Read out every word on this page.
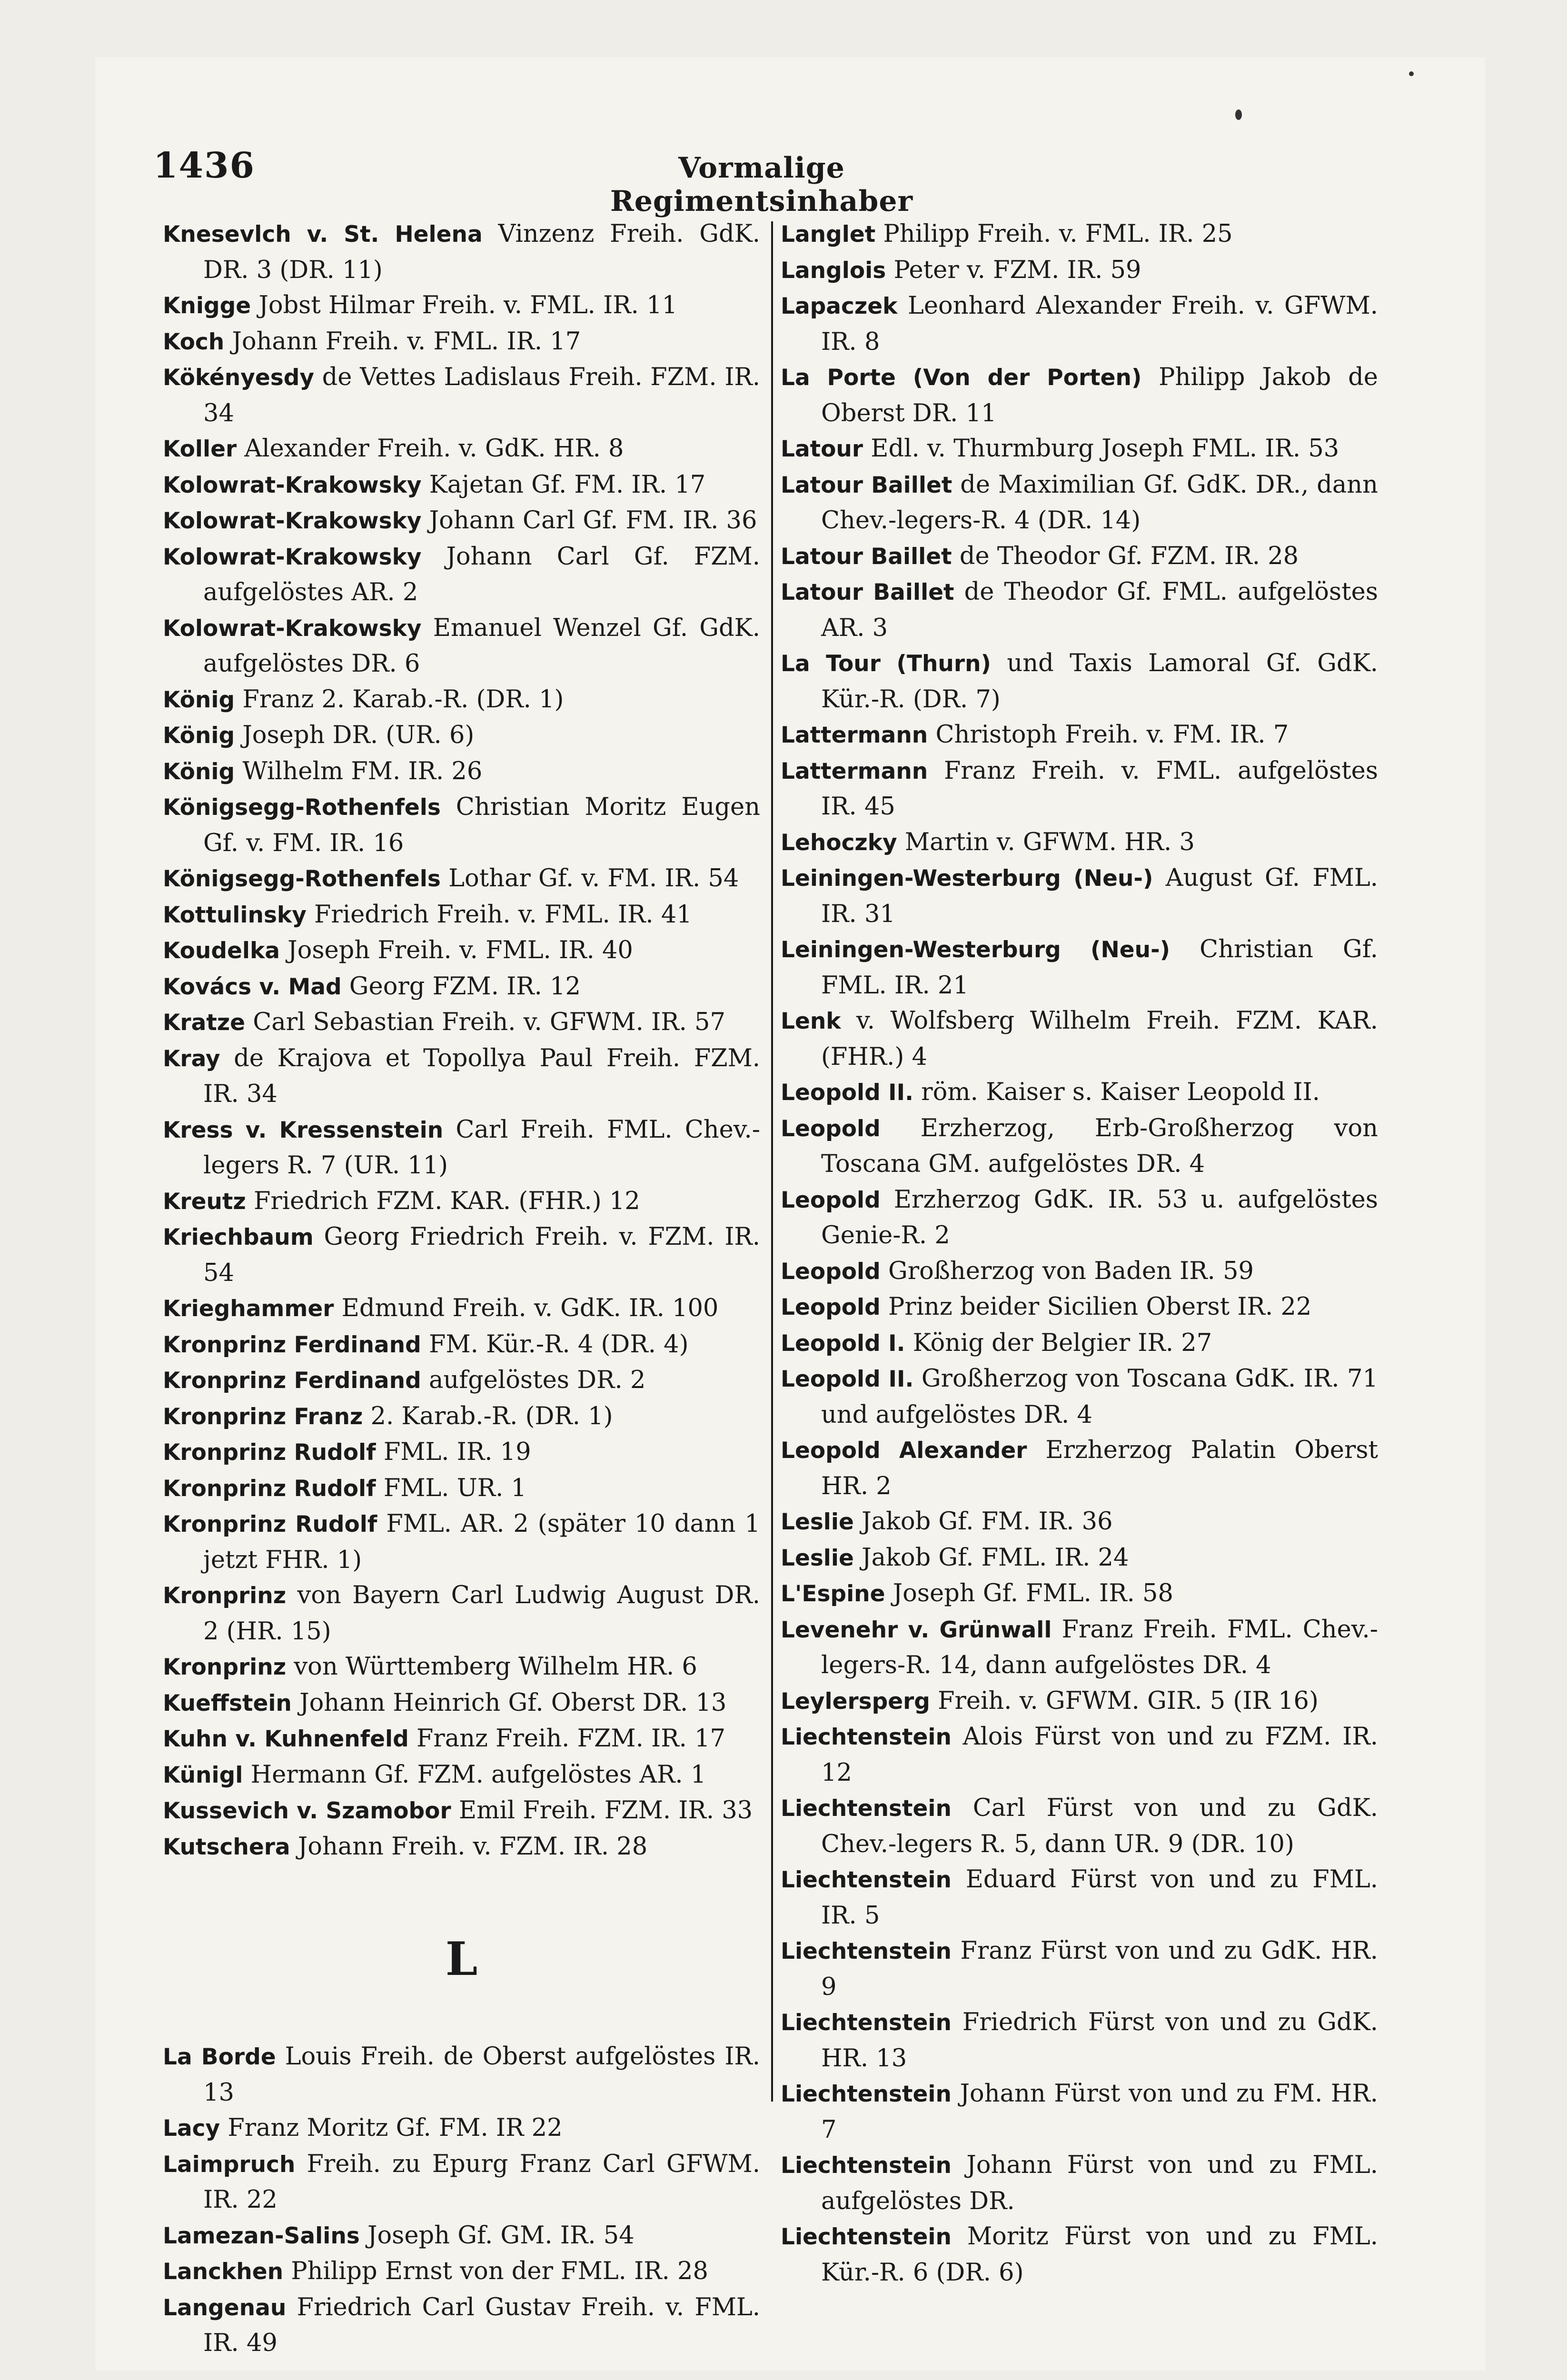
1436	Vormalige Regimentsinhaber
Knesevlch v. St. Helena Vinzenz Freih. GdK. DR. 3 (DR. 11)
Knigge Jobst Hilmar Freih. v. FML. IR. 11
Koch Johann Freih. v. FML. IR. 17
Kökényesdy de Vettes Ladislaus Freih. FZM. IR. 34
Koller Alexander Freih. v. GdK. HR. 8
Kolowrat-Krakowsky Kajetan Gf. FM. IR. 17
Kolowrat-Krakowsky Johann Carl Gf. FM. IR. 36
Kolowrat-Krakowsky Johann Carl Gf. FZM. aufgelöstes AR. 2
Kolowrat-Krakowsky Emanuel Wenzel Gf. GdK. aufgelöstes DR. 6
König Franz 2. Karab.-R. (DR. 1)
König Joseph DR. (UR. 6)
König Wilhelm FM. IR. 26
Königsegg-Rothenfels Christian Moritz Eugen Gf. v. FM. IR. 16
Königsegg-Rothenfels Lothar Gf. v. FM. IR. 54
Kottulinsky Friedrich Freih. v. FML. IR. 41
Koudelka Joseph Freih. v. FML. IR. 40
Kovács v. Mad Georg FZM. IR. 12
Kratze Carl Sebastian Freih. v. GFWM. IR. 57
Kray de Krajova et Topollya Paul Freih. FZM. IR. 34
Kress v. Kressenstein Carl Freih. FML. Chev.-legers R. 7 (UR. 11)
Kreutz Friedrich FZM. KAR. (FHR.) 12
Kriechbaum Georg Friedrich Freih. v. FZM. IR. 54
Krieghammer Edmund Freih. v. GdK. IR. 100
Kronprinz Ferdinand FM. Kür.-R. 4 (DR. 4)
Kronprinz Ferdinand aufgelöstes DR. 2
Kronprinz Franz 2. Karab.-R. (DR. 1)
Kronprinz Rudolf FML. IR. 19
Kronprinz Rudolf FML. UR. 1
Kronprinz Rudolf FML. AR. 2 (später 10 dann 1 jetzt FHR. 1)
Kronprinz von Bayern Carl Ludwig August DR. 2 (HR. 15)
Kronprinz von Württemberg Wilhelm HR. 6
Kueffstein Johann Heinrich Gf. Oberst DR. 13
Kuhn v. Kuhnenfeld Franz Freih. FZM. IR. 17
Künigl Hermann Gf. FZM. aufgelöstes AR. 1
Kussevich v. Szamobor Emil Freih. FZM. IR. 33
Kutschera Johann Freih. v. FZM. IR. 28
L
La Borde Louis Freih. de Oberst aufgelöstes IR. 13
Lacy Franz Moritz Gf. FM. IR 22
Laimpruch Freih. zu Epurg Franz Carl GFWM. IR. 22
Lamezan-Salins Joseph Gf. GM. IR. 54
Lanckhen Philipp Ernst von der FML. IR. 28
Langenau Friedrich Carl Gustav Freih. v. FML. IR. 49
Langlet Philipp Freih. v. FML. IR. 25
Langlois Peter v. FZM. IR. 59
Lapaczek Leonhard Alexander Freih. v. GFWM. IR. 8
La Porte (Von der Porten) Philipp Jakob de Oberst DR. 11
Latour Edl. v. Thurmburg Joseph FML. IR. 53
Latour Baillet de Maximilian Gf. GdK. DR., dann Chev.-legers-R. 4 (DR. 14)
Latour Baillet de Theodor Gf. FZM. IR. 28
Latour Baillet de Theodor Gf. FML. aufgelöstes AR. 3
La Tour (Thurn) und Taxis Lamoral Gf. GdK. Kür.-R. (DR. 7)
Lattermann Christoph Freih. v. FM. IR. 7
Lattermann Franz Freih. v. FML. aufgelöstes IR. 45
Lehoczky Martin v. GFWM. HR. 3
Leiningen-Westerburg (Neu-) August Gf. FML. IR. 31
Leiningen-Westerburg (Neu-) Christian Gf. FML. IR. 21
Lenk v. Wolfsberg Wilhelm Freih. FZM. KAR. (FHR.) 4
Leopold II. röm. Kaiser s. Kaiser Leopold II.
Leopold Erzherzog, Erb-Großherzog von Toscana GM. aufgelöstes DR. 4
Leopold Erzherzog GdK. IR. 53 u. aufgelöstes Genie-R. 2
Leopold Großherzog von Baden IR. 59
Leopold Prinz beider Sicilien Oberst IR. 22
Leopold I. König der Belgier IR. 27
Leopold II. Großherzog von Toscana GdK. IR. 71 und aufgelöstes DR. 4
Leopold Alexander Erzherzog Palatin Oberst HR. 2
Leslie Jakob Gf. FM. IR. 36
Leslie Jakob Gf. FML. IR. 24
L'Espine Joseph Gf. FML. IR. 58
Levenehr v. Grünwall Franz Freih. FML. Chev.-legers-R. 14, dann aufgelöstes DR. 4
Leylersperg Freih. v. GFWM. GIR. 5 (IR 16)
Liechtenstein Alois Fürst von und zu FZM. IR. 12
Liechtenstein Carl Fürst von und zu GdK. Chev.-legers R. 5, dann UR. 9 (DR. 10)
Liechtenstein Eduard Fürst von und zu FML. IR. 5
Liechtenstein Franz Fürst von und zu GdK. HR. 9
Liechtenstein Friedrich Fürst von und zu GdK. HR. 13
Liechtenstein Johann Fürst von und zu FM. HR. 7
Liechtenstein Johann Fürst von und zu FML. aufgelöstes DR.
Liechtenstein Moritz Fürst von und zu FML. Kür.-R. 6 (DR. 6)
